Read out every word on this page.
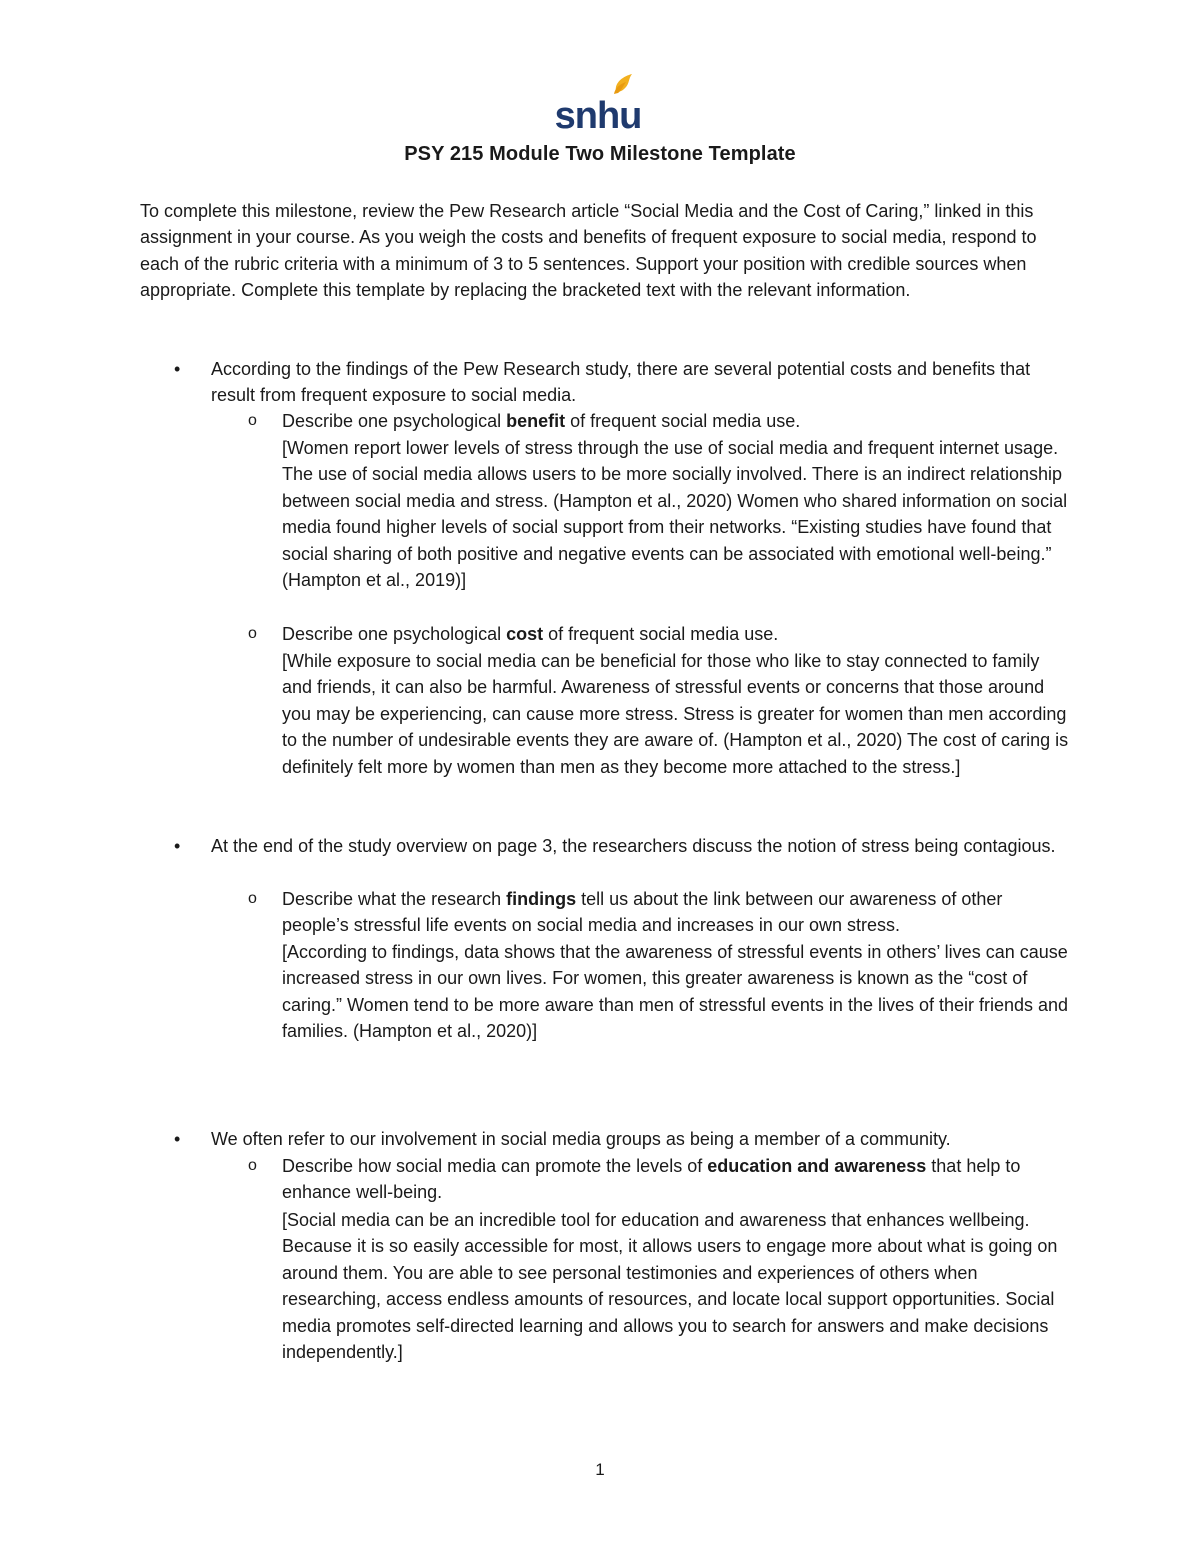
snhu
PSY 215 Module Two Milestone Template

To complete this milestone, review the Pew Research article “Social Media and the Cost of Caring,” linked in this assignment in your course. As you weigh the costs and benefits of frequent exposure to social media, respond to each of the rubric criteria with a minimum of 3 to 5 sentences. Support your position with credible sources when appropriate. Complete this template by replacing the bracketed text with the relevant information.

• According to the findings of the Pew Research study, there are several potential costs and benefits that result from frequent exposure to social media.

o Describe one psychological benefit of frequent social media use.

[Women report lower levels of stress through the use of social media and frequent internet usage. The use of social media allows users to be more socially involved. There is an indirect relationship between social media and stress. (Hampton et al., 2020) Women who shared information on social media found higher levels of social support from their networks. “Existing studies have found that social sharing of both positive and negative events can be associated with emotional well-being.” (Hampton et al., 2019)]

o Describe one psychological cost of frequent social media use.

[While exposure to social media can be beneficial for those who like to stay connected to family and friends, it can also be harmful. Awareness of stressful events or concerns that those around you may be experiencing, can cause more stress. Stress is greater for women than men according to the number of undesirable events they are aware of. (Hampton et al., 2020) The cost of caring is definitely felt more by women than men as they become more attached to the stress.]

• At the end of the study overview on page 3, the researchers discuss the notion of stress being contagious.

o Describe what the research findings tell us about the link between our awareness of other people’s stressful life events on social media and increases in our own stress.

[According to findings, data shows that the awareness of stressful events in others’ lives can cause increased stress in our own lives. For women, this greater awareness is known as the “cost of caring.” Women tend to be more aware than men of stressful events in the lives of their friends and families. (Hampton et al., 2020)]

• We often refer to our involvement in social media groups as being a member of a community.

o Describe how social media can promote the levels of education and awareness that help to enhance well-being.

[Social media can be an incredible tool for education and awareness that enhances wellbeing. Because it is so easily accessible for most, it allows users to engage more about what is going on around them. You are able to see personal testimonies and experiences of others when researching, access endless amounts of resources, and locate local support opportunities. Social media promotes self-directed learning and allows you to search for answers and make decisions independently.]

1
